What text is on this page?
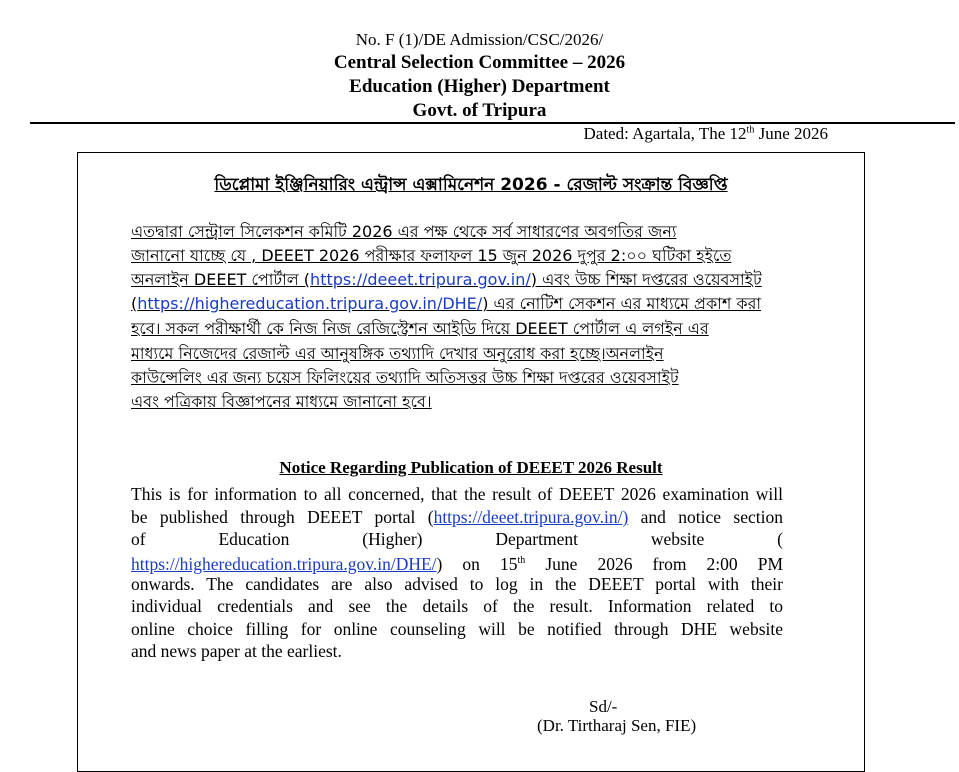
No. F (1)/DE Admission/CSC/2026/
Central Selection Committee – 2026
Education (Higher) Department
Govt. of Tripura
Dated: Agartala, The 12th June 2026
ডিপ্লোমা ইঞ্জিনিয়ারিং এন্ট্রান্স এক্সামিনেশন 2026 - রেজাল্ট সংক্রান্ত বিজ্ঞপ্তি
এতদ্বারা সেন্ট্রাল সিলেকশন কমিটি 2026 এর পক্ষ থেকে সর্ব সাধারণের অবগতির জন্য
জানানো যাচ্ছে যে , DEEET 2026 পরীক্ষার ফলাফল 15 জুন 2026 দুপুর 2:০০ ঘটিকা হইতে
অনলাইন DEEET পোর্টাল (https://deeet.tripura.gov.in/) এবং উচ্চ শিক্ষা দপ্তরের ওয়েবসাইট
(https://highereducation.tripura.gov.in/DHE/) এর নোটিশ সেকশন এর মাধ্যমে প্রকাশ করা
হবে। সকল পরীক্ষার্থী কে নিজ নিজ রেজিস্ট্রেশন আইডি দিয়ে DEEET পোর্টাল এ লগইন এর
মাধ্যমে নিজেদের রেজাল্ট এর আনুষঙ্গিক তথ্যাদি দেখার অনুরোধ করা হচ্ছে।অনলাইন
কাউন্সেলিং এর জন্য চয়েস ফিলিংয়ের তথ্যাদি অতিসত্তর উচ্চ শিক্ষা দপ্তরের ওয়েবসাইট
এবং পত্রিকায় বিজ্ঞাপনের মাধ্যমে জানানো হবে।
Notice Regarding Publication of DEEET 2026 Result
This is for information to all concerned, that the result of DEEET 2026 examination will
be published through DEEET portal (https://deeet.tripura.gov.in/) and notice section
of        Education        (Higher)        Department        website        (
https://highereducation.tripura.gov.in/DHE/) on 15th June 2026 from 2:00 PM
onwards. The candidates are also advised to log in the DEEET portal with their
individual credentials and see the details of the result. Information related to
online choice filling for online counseling will be notified through DHE website
and news paper at the earliest.
Sd/-
(Dr. Tirtharaj Sen, FIE)
